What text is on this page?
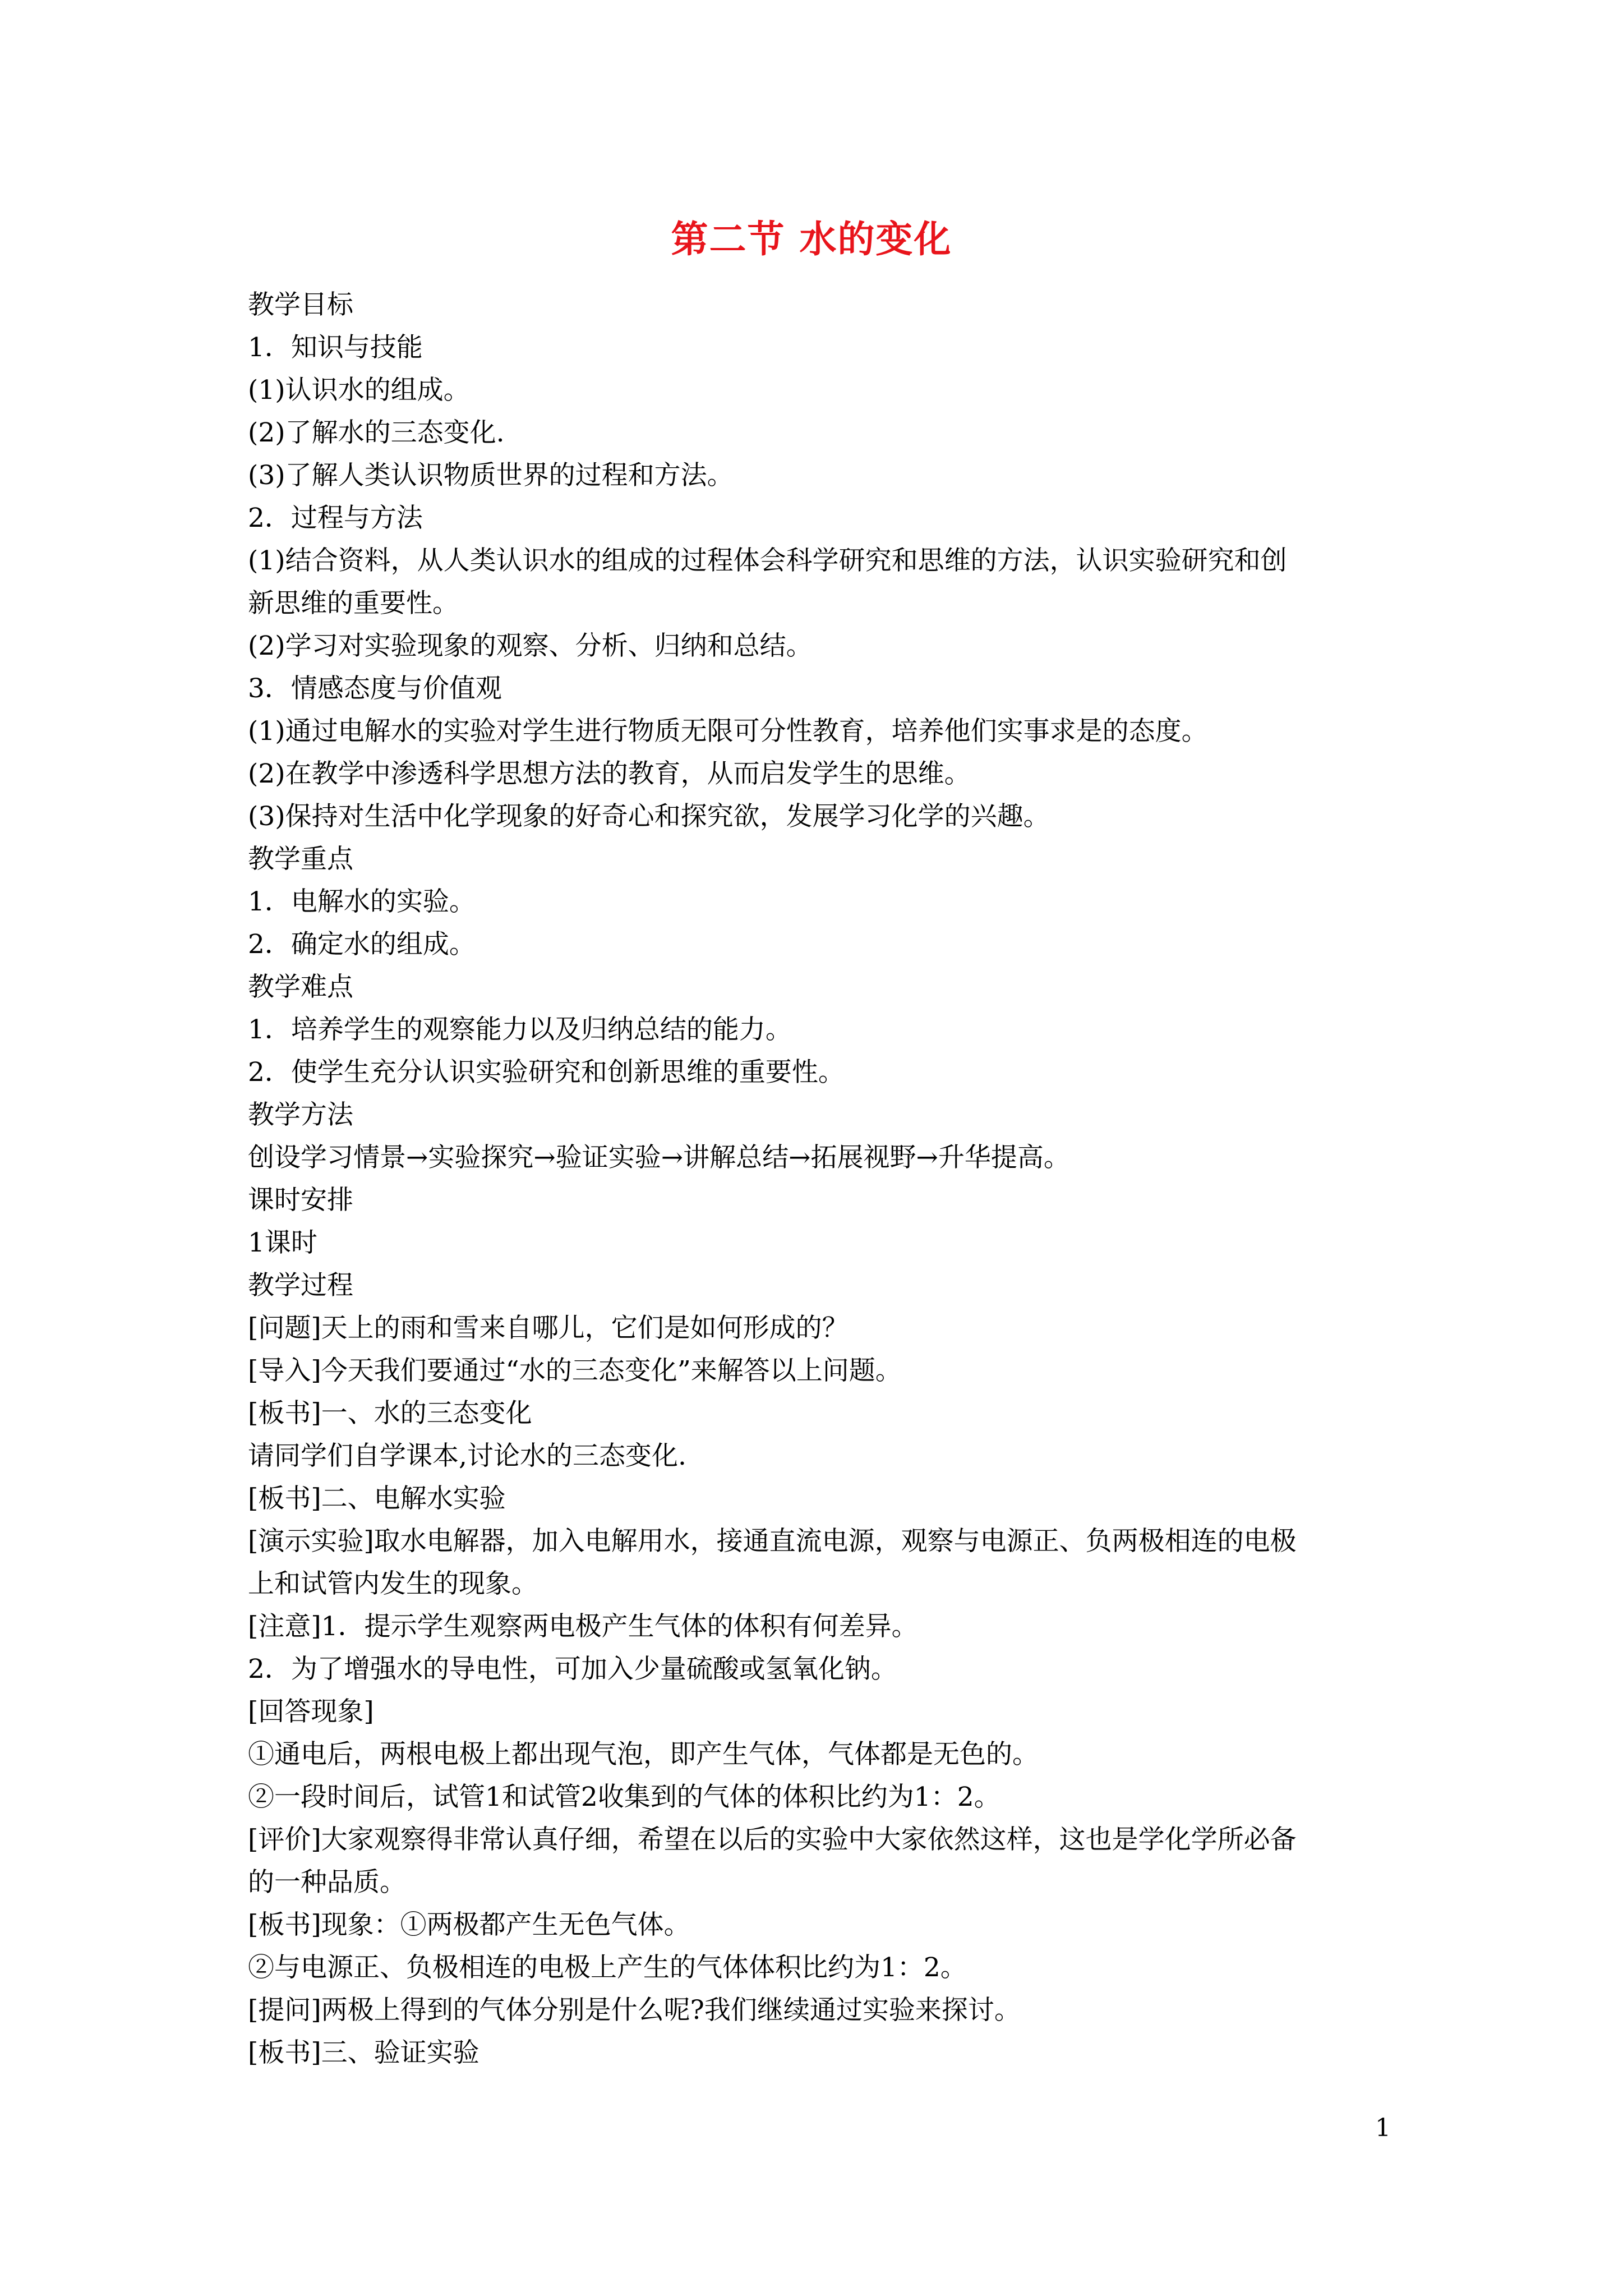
第二节 水的变化
教学目标
1．知识与技能
(1)认识水的组成。
(2)了解水的三态变化.
(3)了解人类认识物质世界的过程和方法。
2．过程与方法
(1)结合资料，从人类认识水的组成的过程体会科学研究和思维的方法，认识实验研究和创
新思维的重要性。
(2)学习对实验现象的观察、分析、归纳和总结。
3．情感态度与价值观
(1)通过电解水的实验对学生进行物质无限可分性教育，培养他们实事求是的态度。
(2)在教学中渗透科学思想方法的教育，从而启发学生的思维。
(3)保持对生活中化学现象的好奇心和探究欲，发展学习化学的兴趣。
教学重点
1．电解水的实验。
2．确定水的组成。
教学难点
1．培养学生的观察能力以及归纳总结的能力。
2．使学生充分认识实验研究和创新思维的重要性。
教学方法
创设学习情景→实验探究→验证实验→讲解总结→拓展视野→升华提高。
课时安排
1课时
教学过程
[问题]天上的雨和雪来自哪儿，它们是如何形成的？
[导入]今天我们要通过“水的三态变化”来解答以上问题。
[板书]一、水的三态变化
请同学们自学课本,讨论水的三态变化.
[板书]二、电解水实验
[演示实验]取水电解器，加入电解用水，接通直流电源，观察与电源正、负两极相连的电极
上和试管内发生的现象。
[注意]1．提示学生观察两电极产生气体的体积有何差异。
2．为了增强水的导电性，可加入少量硫酸或氢氧化钠。
[回答现象]
①通电后，两根电极上都出现气泡，即产生气体，气体都是无色的。
②一段时间后，试管1和试管2收集到的气体的体积比约为1：2。
[评价]大家观察得非常认真仔细，希望在以后的实验中大家依然这样，这也是学化学所必备
的一种品质。
[板书]现象：①两极都产生无色气体。
②与电源正、负极相连的电极上产生的气体体积比约为1：2。
[提问]两极上得到的气体分别是什么呢?我们继续通过实验来探讨。
[板书]三、验证实验
1
